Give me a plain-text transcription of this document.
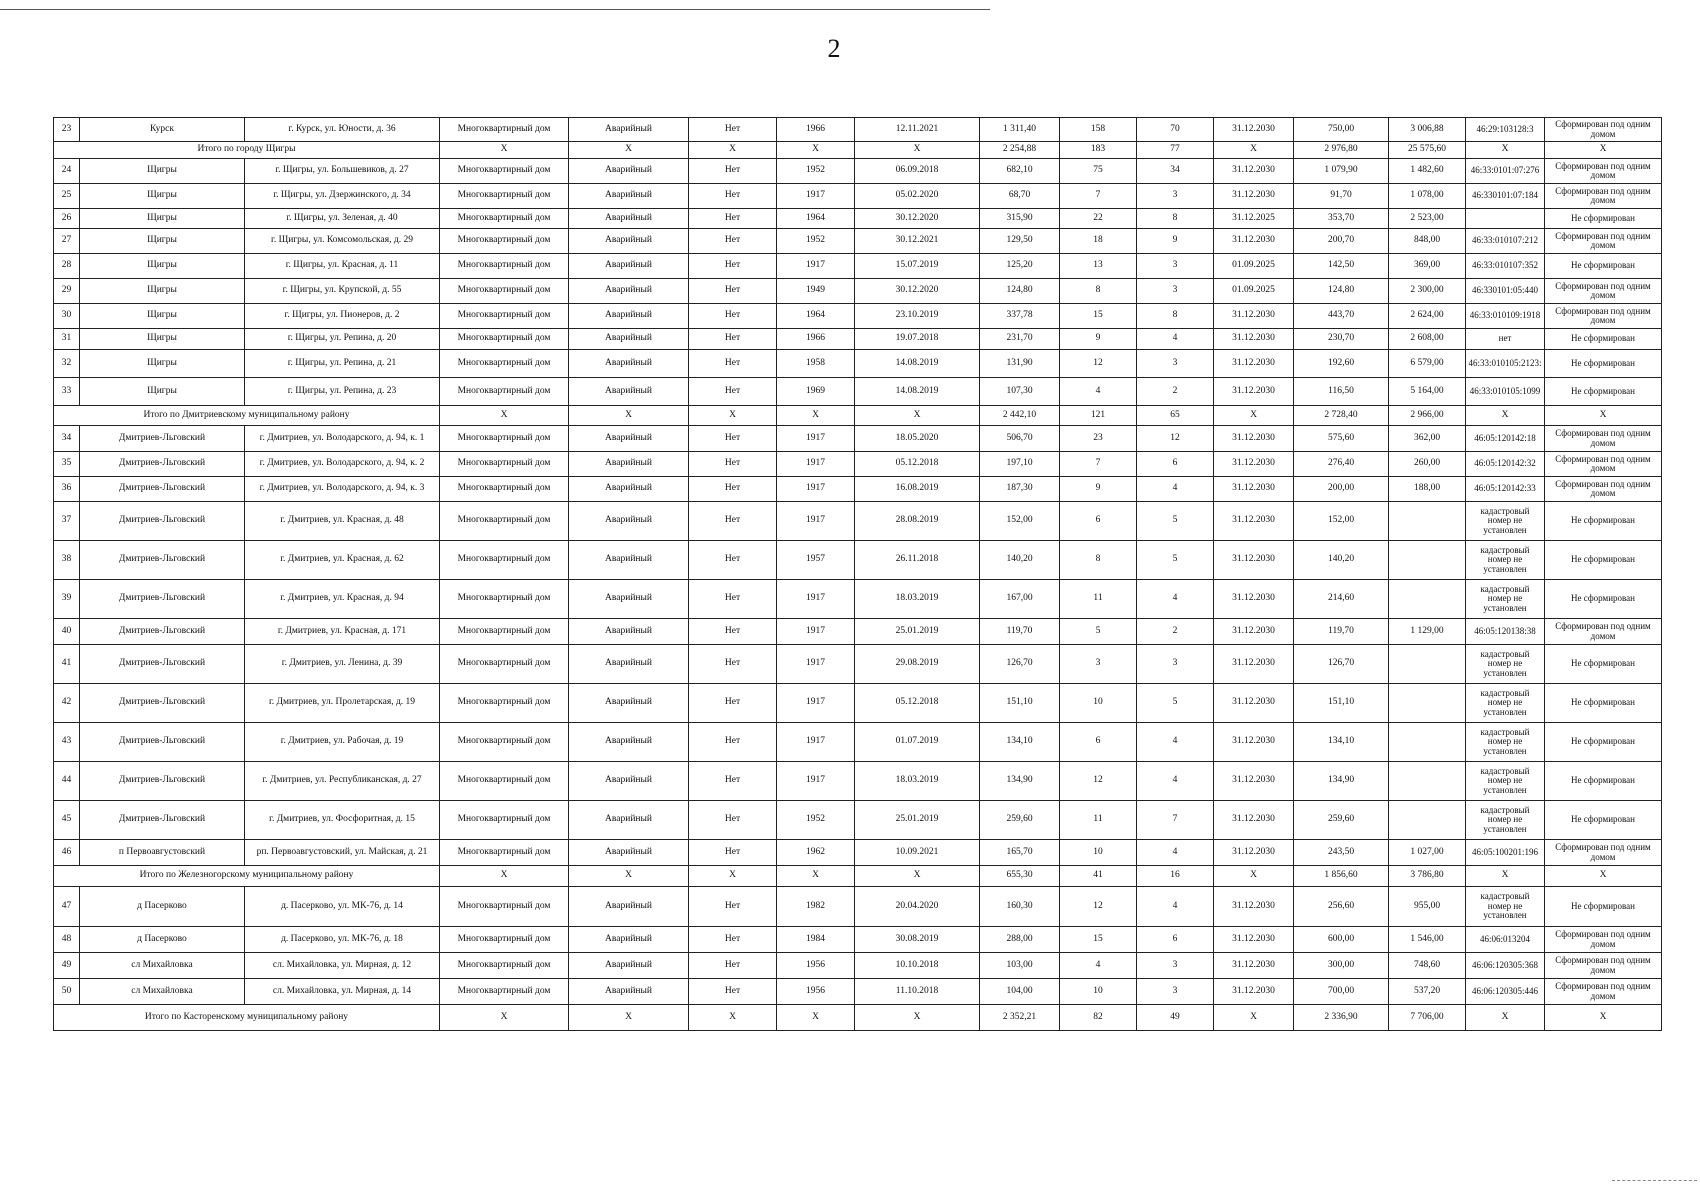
2
23	Курск	г. Курск, ул. Юности, д. 36	Многоквартирный дом	Аварийный	Нет	1966	12.11.2021	1 311,40	158	70	31.12.2030	750,00	3 006,88	46:29:103128:3	Сформирован под одним домом
Итого по городу Щигры			X	X	X	X	X	2 254,88	183	77	X	2 976,80	25 575,60	X	X
24	Щигры	г. Щигры, ул. Большевиков, д. 27	Многоквартирный дом	Аварийный	Нет	1952	06.09.2018	682,10	75	34	31.12.2030	1 079,90	1 482,60	46:33:0101:07:276	Сформирован под одним домом
25	Щигры	г. Щигры, ул. Дзержинского, д. 34	Многоквартирный дом	Аварийный	Нет	1917	05.02.2020	68,70	7	3	31.12.2030	91,70	1 078,00	46:330101:07:184	Сформирован под одним домом
26	Щигры	г. Щигры, ул. Зеленая, д. 40	Многоквартирный дом	Аварийный	Нет	1964	30.12.2020	315,90	22	8	31.12.2025	353,70	2 523,00		Не сформирован
27	Щигры	г. Щигры, ул. Комсомольская, д. 29	Многоквартирный дом	Аварийный	Нет	1952	30.12.2021	129,50	18	9	31.12.2030	200,70	848,00	46:33:010107:212	Сформирован под одним домом
28	Щигры	г. Щигры, ул. Красная, д. 11	Многоквартирный дом	Аварийный	Нет	1917	15.07.2019	125,20	13	3	01.09.2025	142,50	369,00	46:33:010107:352	Не сформирован
29	Щигры	г. Щигры, ул. Крупской, д. 55	Многоквартирный дом	Аварийный	Нет	1949	30.12.2020	124,80	8	3	01.09.2025	124,80	2 300,00	46:330101:05:440	Сформирован под одним домом
30	Щигры	г. Щигры, ул. Пионеров, д. 2	Многоквартирный дом	Аварийный	Нет	1964	23.10.2019	337,78	15	8	31.12.2030	443,70	2 624,00	46:33:010109:1918	Сформирован под одним домом
31	Щигры	г. Щигры, ул. Репина, д. 20	Многоквартирный дом	Аварийный	Нет	1966	19.07.2018	231,70	9	4	31.12.2030	230,70	2 608,00	нет	Не сформирован
32	Щигры	г. Щигры, ул. Репина, д. 21	Многоквартирный дом	Аварийный	Нет	1958	14.08.2019	131,90	12	3	31.12.2030	192,60	6 579,00	46:33:010105:2123:	Не сформирован
33	Щигры	г. Щигры, ул. Репина, д. 23	Многоквартирный дом	Аварийный	Нет	1969	14.08.2019	107,30	4	2	31.12.2030	116,50	5 164,00	46:33:010105:1099	Не сформирован
Итого по Дмитриевскому муниципальному району			X	X	X	X	X	2 442,10	121	65	X	2 728,40	2 966,00	X	X
34	Дмитриев-Льговский	г. Дмитриев, ул. Володарского, д. 94, к. 1	Многоквартирный дом	Аварийный	Нет	1917	18.05.2020	506,70	23	12	31.12.2030	575,60	362,00	46:05:120142:18	Сформирован под одним домом
35	Дмитриев-Льговский	г. Дмитриев, ул. Володарского, д. 94, к. 2	Многоквартирный дом	Аварийный	Нет	1917	05.12.2018	197,10	7	6	31.12.2030	276,40	260,00	46:05:120142:32	Сформирован под одним домом
36	Дмитриев-Льговский	г. Дмитриев, ул. Володарского, д. 94, к. 3	Многоквартирный дом	Аварийный	Нет	1917	16.08.2019	187,30	9	4	31.12.2030	200,00	188,00	46:05:120142:33	Сформирован под одним домом
37	Дмитриев-Льговский	г. Дмитриев, ул. Красная, д. 48	Многоквартирный дом	Аварийный	Нет	1917	28.08.2019	152,00	6	5	31.12.2030	152,00		кадастровый номер не установлен	Не сформирован
38	Дмитриев-Льговский	г. Дмитриев, ул. Красная, д. 62	Многоквартирный дом	Аварийный	Нет	1957	26.11.2018	140,20	8	5	31.12.2030	140,20		кадастровый номер не установлен	Не сформирован
39	Дмитриев-Льговский	г. Дмитриев, ул. Красная, д. 94	Многоквартирный дом	Аварийный	Нет	1917	18.03.2019	167,00	11	4	31.12.2030	214,60		кадастровый номер не установлен	Не сформирован
40	Дмитриев-Льговский	г. Дмитриев, ул. Красная, д. 171	Многоквартирный дом	Аварийный	Нет	1917	25.01.2019	119,70	5	2	31.12.2030	119,70	1 129,00	46:05:120138:38	Сформирован под одним домом
41	Дмитриев-Льговский	г. Дмитриев, ул. Ленина, д. 39	Многоквартирный дом	Аварийный	Нет	1917	29.08.2019	126,70	3	3	31.12.2030	126,70		кадастровый номер не установлен	Не сформирован
42	Дмитриев-Льговский	г. Дмитриев, ул. Пролетарская, д. 19	Многоквартирный дом	Аварийный	Нет	1917	05.12.2018	151,10	10	5	31.12.2030	151,10		кадастровый номер не установлен	Не сформирован
43	Дмитриев-Льговский	г. Дмитриев, ул. Рабочая, д. 19	Многоквартирный дом	Аварийный	Нет	1917	01.07.2019	134,10	6	4	31.12.2030	134,10		кадастровый номер не установлен	Не сформирован
44	Дмитриев-Льговский	г. Дмитриев, ул. Республиканская, д. 27	Многоквартирный дом	Аварийный	Нет	1917	18.03.2019	134,90	12	4	31.12.2030	134,90		кадастровый номер не установлен	Не сформирован
45	Дмитриев-Льговский	г. Дмитриев, ул. Фосфоритная, д. 15	Многоквартирный дом	Аварийный	Нет	1952	25.01.2019	259,60	11	7	31.12.2030	259,60		кадастровый номер не установлен	Не сформирован
46	п Первоавгустовский	рп. Первоавгустовский, ул. Майская, д. 21	Многоквартирный дом	Аварийный	Нет	1962	10.09.2021	165,70	10	4	31.12.2030	243,50	1 027,00	46:05:100201:196	Сформирован под одним домом
Итого по Железногорскому муниципальному району			X	X	X	X	X	655,30	41	16	X	1 856,60	3 786,80	X	X
47	д Пасерково	д. Пасерково, ул. МК-76, д. 14	Многоквартирный дом	Аварийный	Нет	1982	20.04.2020	160,30	12	4	31.12.2030	256,60	955,00	кадастровый номер не установлен	Не сформирован
48	д Пасерково	д. Пасерково, ул. МК-76, д. 18	Многоквартирный дом	Аварийный	Нет	1984	30.08.2019	288,00	15	6	31.12.2030	600,00	1 546,00	46:06:013204	Сформирован под одним домом
49	сл Михайловка	сл. Михайловка, ул. Мирная, д. 12	Многоквартирный дом	Аварийный	Нет	1956	10.10.2018	103,00	4	3	31.12.2030	300,00	748,60	46:06:120305:368	Сформирован под одним домом
50	сл Михайловка	сл. Михайловка, ул. Мирная, д. 14	Многоквартирный дом	Аварийный	Нет	1956	11.10.2018	104,00	10	3	31.12.2030	700,00	537,20	46:06:120305:446	Сформирован под одним домом
Итого по Касторенскому муниципальному району			X	X	X	X	X	2 352,21	82	49	X	2 336,90	7 706,00	X	X
